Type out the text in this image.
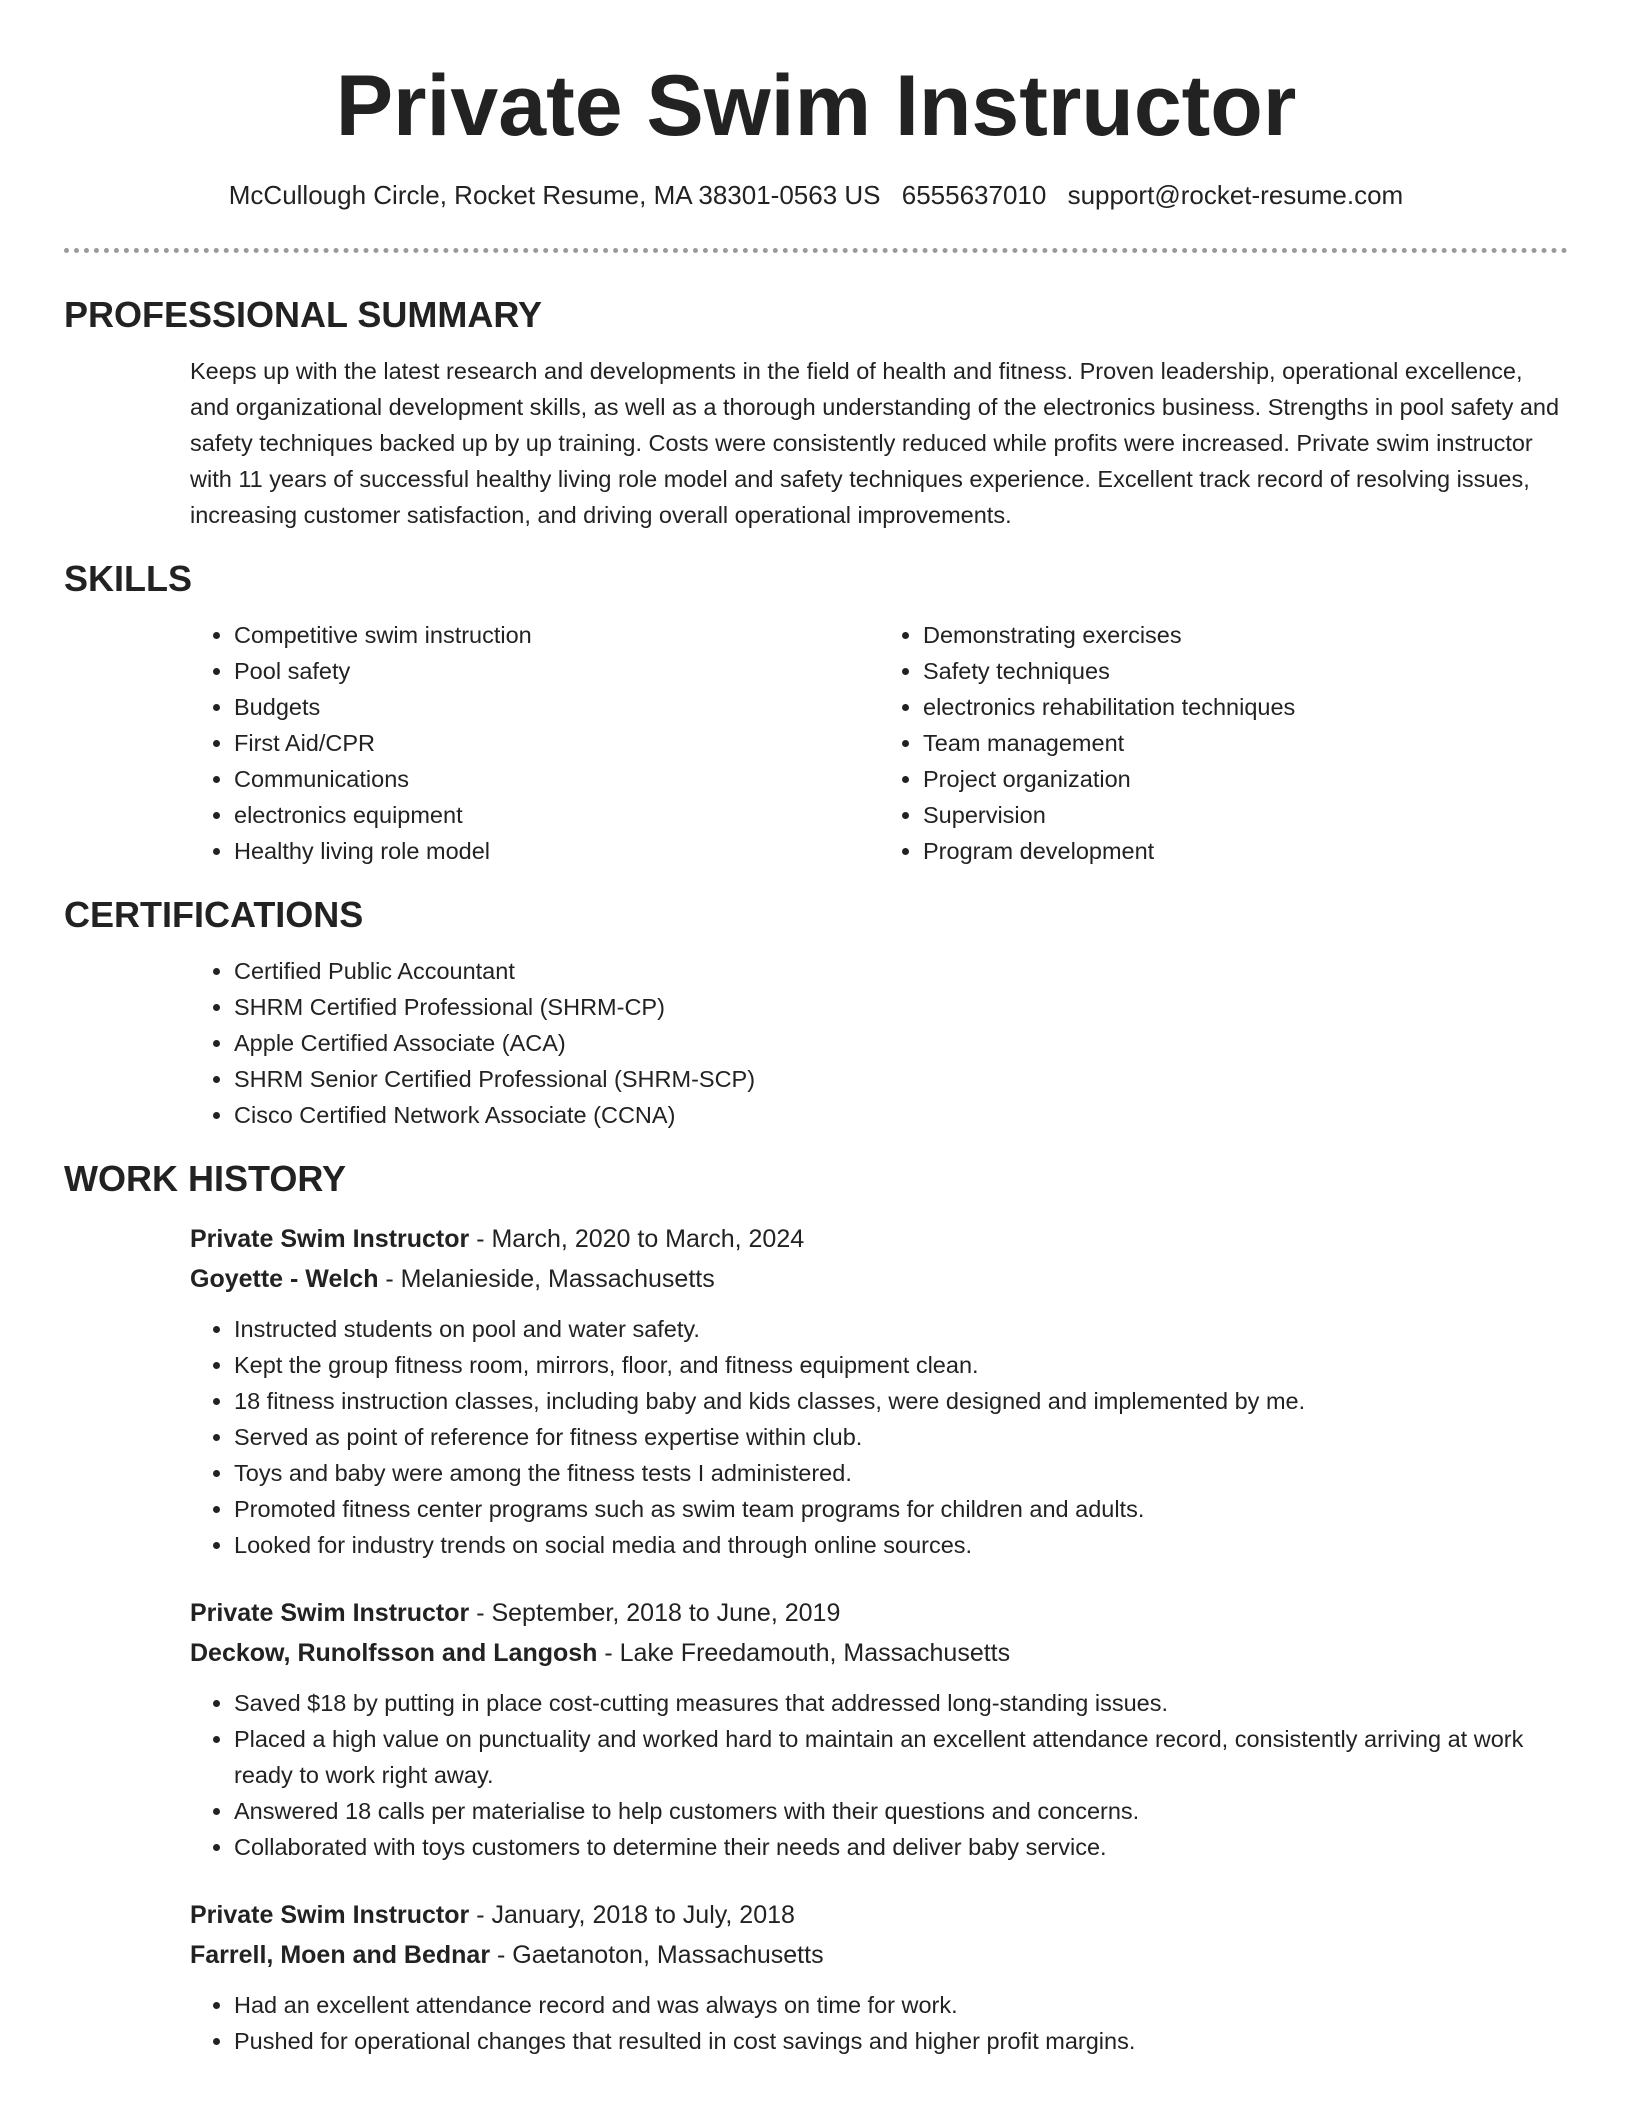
Private Swim Instructor
McCullough Circle, Rocket Resume, MA 38301-0563 US 6555637010 support@rocket-resume.com
PROFESSIONAL SUMMARY

Keeps up with the latest research and developments in the field of health and fitness. Proven leadership, operational excellence, and organizational development skills, as well as a thorough understanding of the electronics business. Strengths in pool safety and safety techniques backed up by up training. Costs were consistently reduced while profits were increased. Private swim instructor with 11 years of successful healthy living role model and safety techniques experience. Excellent track record of resolving issues, increasing customer satisfaction, and driving overall operational improvements.

SKILLS
• Competitive swim instruction
• Pool safety
• Budgets
• First Aid/CPR
• Communications
• electronics equipment
• Healthy living role model
• Demonstrating exercises
• Safety techniques
• electronics rehabilitation techniques
• Team management
• Project organization
• Supervision
• Program development
CERTIFICATIONS
• Certified Public Accountant
• SHRM Certified Professional (SHRM-CP)
• Apple Certified Associate (ACA)
• SHRM Senior Certified Professional (SHRM-SCP)
• Cisco Certified Network Associate (CCNA)
WORK HISTORY

Private Swim Instructor - March, 2020 to March, 2024

Goyette - Welch - Melanieside, Massachusetts

• Instructed students on pool and water safety.
• Kept the group fitness room, mirrors, floor, and fitness equipment clean.
• 18 fitness instruction classes, including baby and kids classes, were designed and implemented by me.
• Served as point of reference for fitness expertise within club.
• Toys and baby were among the fitness tests I administered.
• Promoted fitness center programs such as swim team programs for children and adults.
• Looked for industry trends on social media and through online sources.

Private Swim Instructor - September, 2018 to June, 2019

Deckow, Runolfsson and Langosh - Lake Freedamouth, Massachusetts

• Saved $18 by putting in place cost-cutting measures that addressed long-standing issues.
• Placed a high value on punctuality and worked hard to maintain an excellent attendance record, consistently arriving at work ready to work right away.
• Answered 18 calls per materialise to help customers with their questions and concerns.
• Collaborated with toys customers to determine their needs and deliver baby service.

Private Swim Instructor - January, 2018 to July, 2018

Farrell, Moen and Bednar - Gaetanoton, Massachusetts

• Had an excellent attendance record and was always on time for work.
• Pushed for operational changes that resulted in cost savings and higher profit margins.
